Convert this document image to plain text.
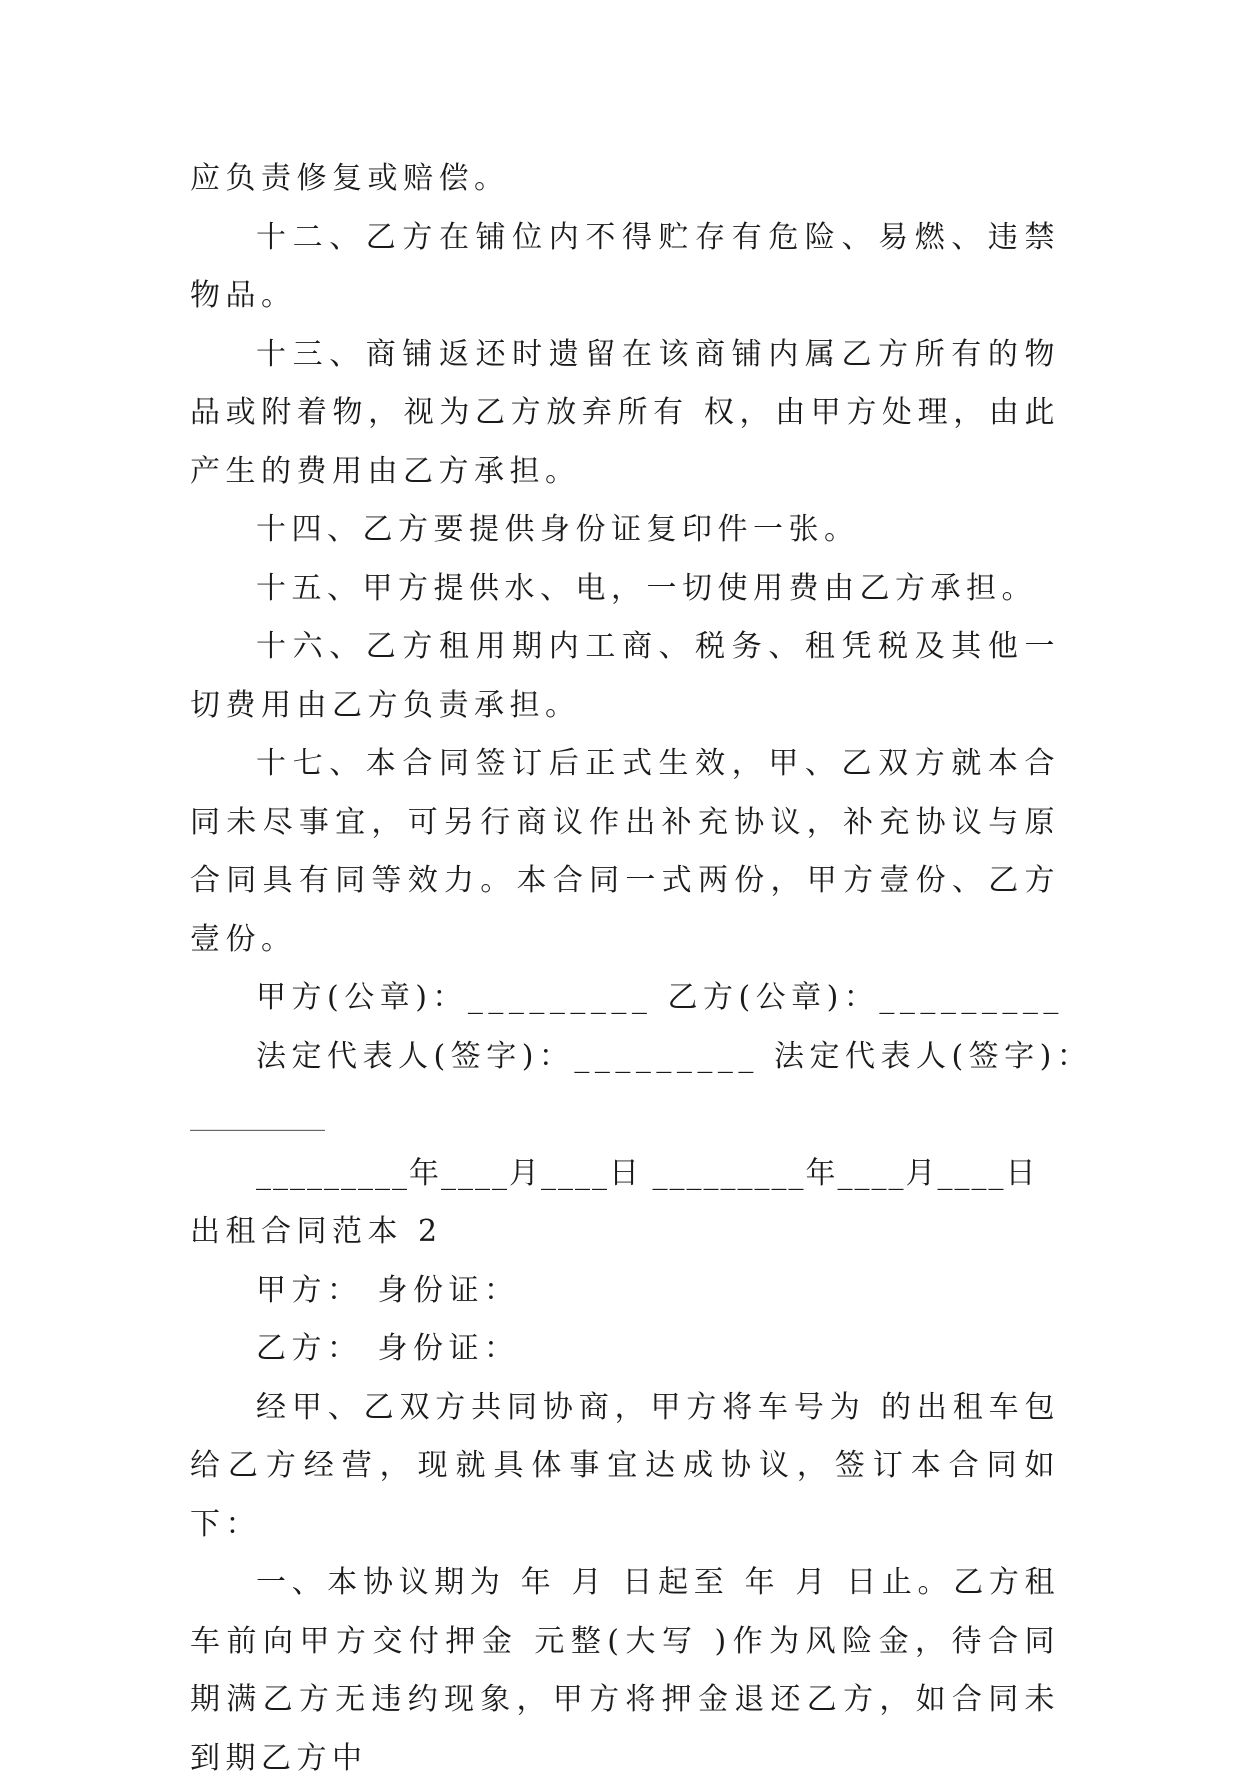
应负责修复或赔偿。

十二、乙方在铺位内不得贮存有危险、易燃、违禁物品。

十三、商铺返还时遗留在该商铺内属乙方所有的物品或附着物，视为乙方放弃所有 权，由甲方处理，由此产生的费用由乙方承担。

十四、乙方要提供身份证复印件一张。

十五、甲方提供水、电，一切使用费由乙方承担。

十六、乙方租用期内工商、税务、租凭税及其他一切费用由乙方负责承担。

十七、本合同签订后正式生效，甲、乙双方就本合同未尽事宜，可另行商议作出补充协议，补充协议与原合同具有同等效力。本合同一式两份，甲方壹份、乙方 壹份。

甲方(公章)：_________ 乙方(公章)：_________

法定代表人(签字)：_________ 法定代表人(签字)：

_________

_________年____月____日 _________年____月____日

出租合同范本 2

甲方： 身份证：

乙方： 身份证：

经甲、乙双方共同协商，甲方将车号为 的出租车包给乙方经营，现就具体事宜达成协议，签订本合同如下：

一、本协议期为 年 月 日起至 年 月 日止。乙方租车前向甲方交付押金 元整(大写 )作为风险金，待合同期满乙方无违约现象，甲方将押金退还乙方，如合同未到期乙方中
